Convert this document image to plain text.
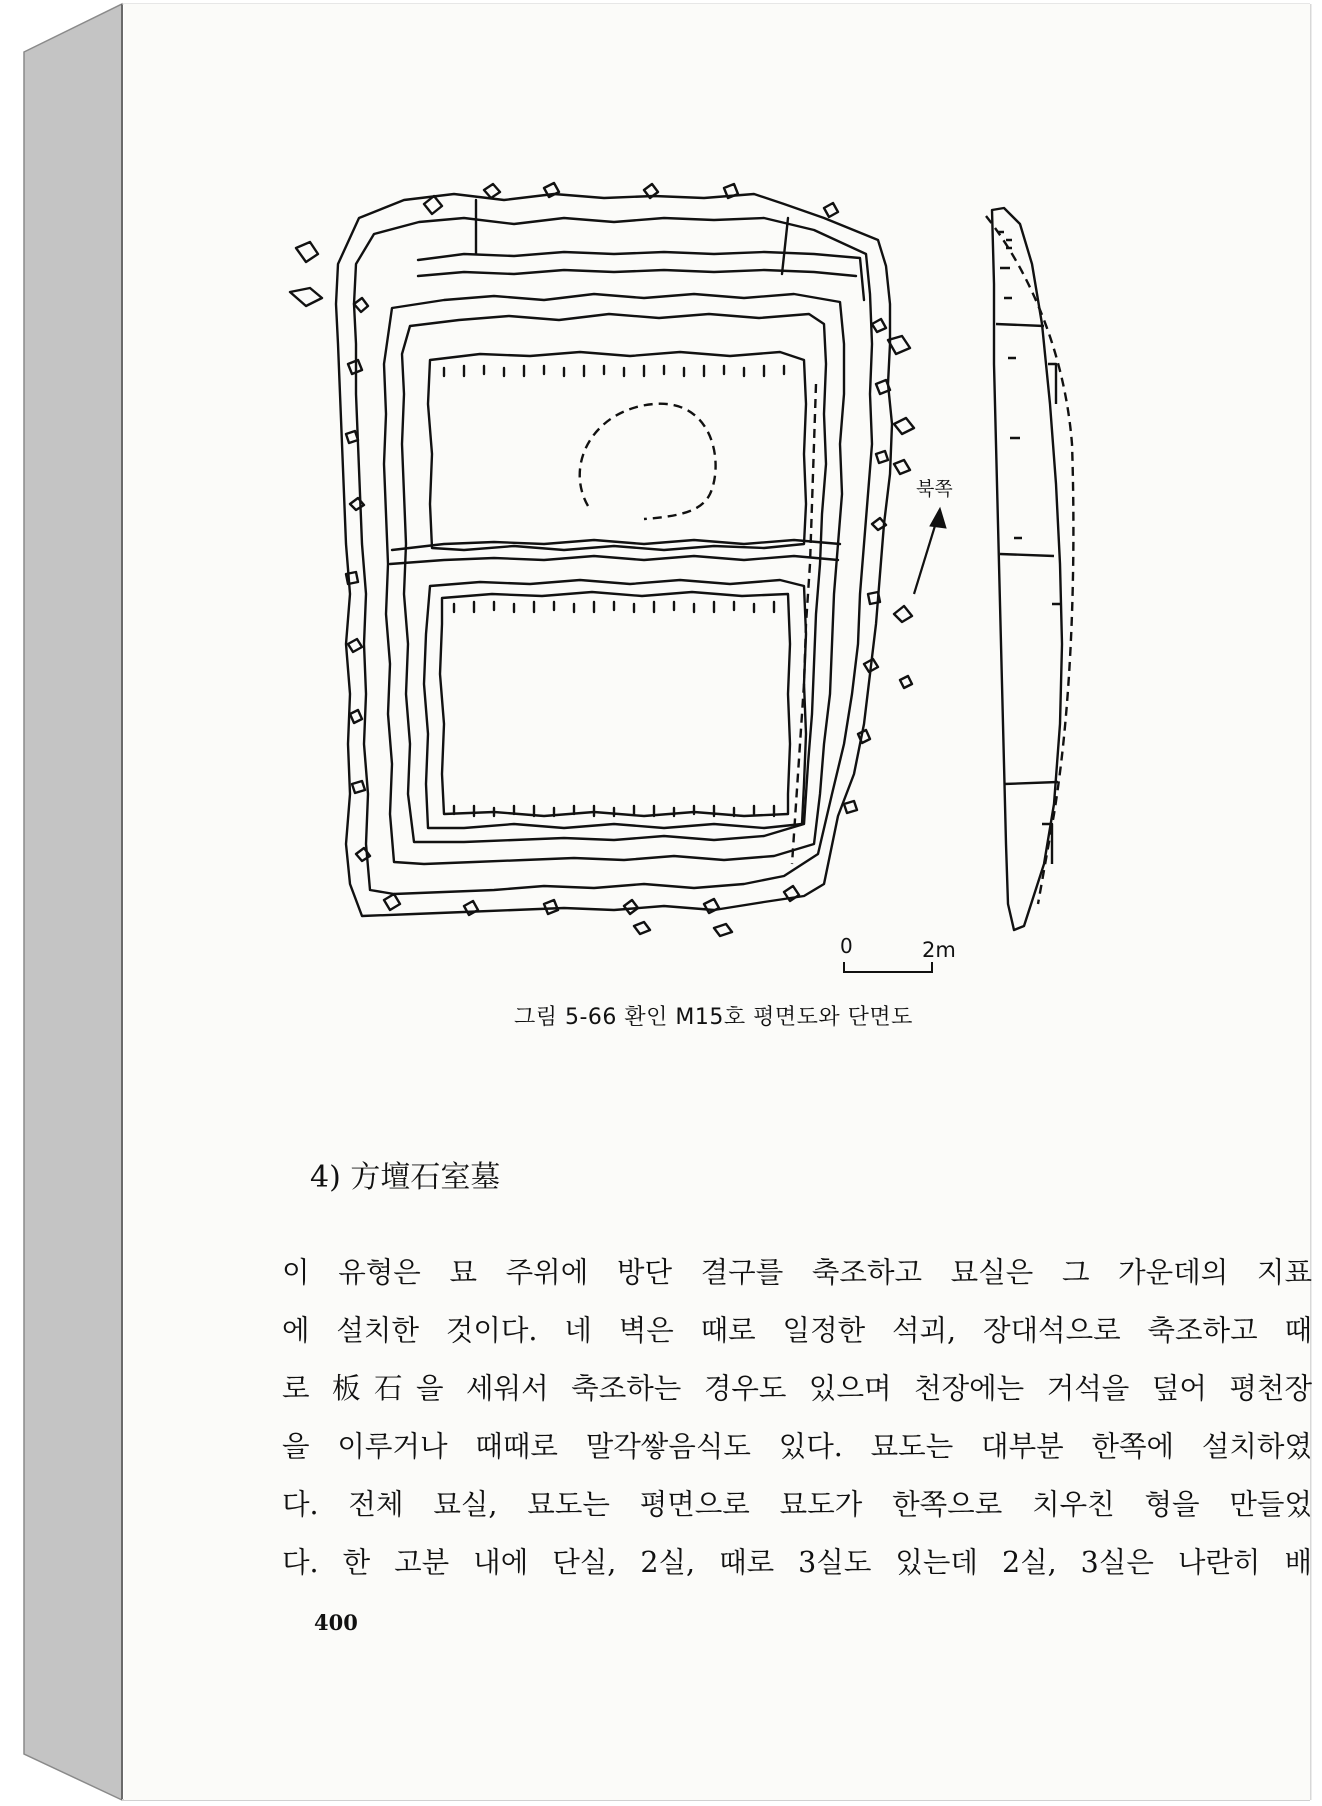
북쪽
0	2m
그림 5-66 환인 M15호 평면도와 단면도
4) 方壇石室墓
이 유형은 묘 주위에 방단 결구를 축조하고 묘실은 그 가운데의 지표
에 설치한 것이다. 네 벽은 때로 일정한 석괴, 장대석으로 축조하고 때
로 板石을 세워서 축조하는 경우도 있으며 천장에는 거석을 덮어 평천장
을 이루거나 때때로 말각쌓음식도 있다. 묘도는 대부분 한쪽에 설치하였
다. 전체 묘실, 묘도는 평면으로 묘도가 한쪽으로 치우친 형을 만들었
다. 한 고분 내에 단실, 2실, 때로 3실도 있는데 2실, 3실은 나란히 배
400
